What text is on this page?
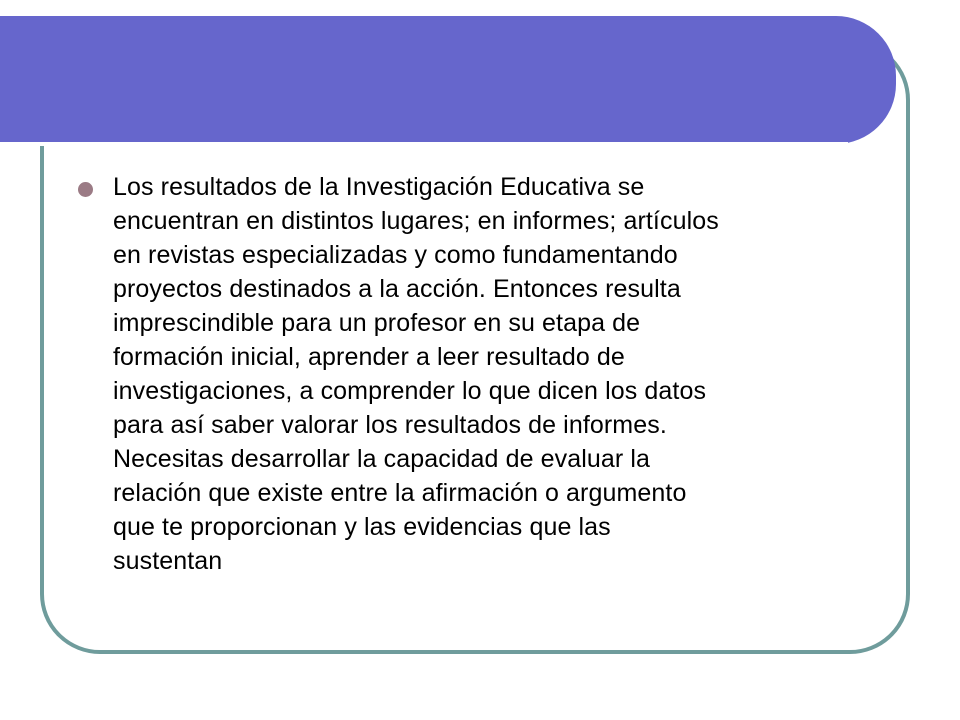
Los resultados de la Investigación Educativa se
encuentran en distintos lugares; en informes; artículos
en revistas especializadas y como fundamentando
proyectos destinados a la acción. Entonces resulta
imprescindible para un profesor en su etapa de
formación inicial, aprender a leer resultado de
investigaciones, a comprender lo que dicen los datos
para así saber valorar los resultados de informes.
Necesitas desarrollar la capacidad de evaluar la
relación que existe entre la afirmación o argumento
que te proporcionan y las evidencias que las
sustentan
